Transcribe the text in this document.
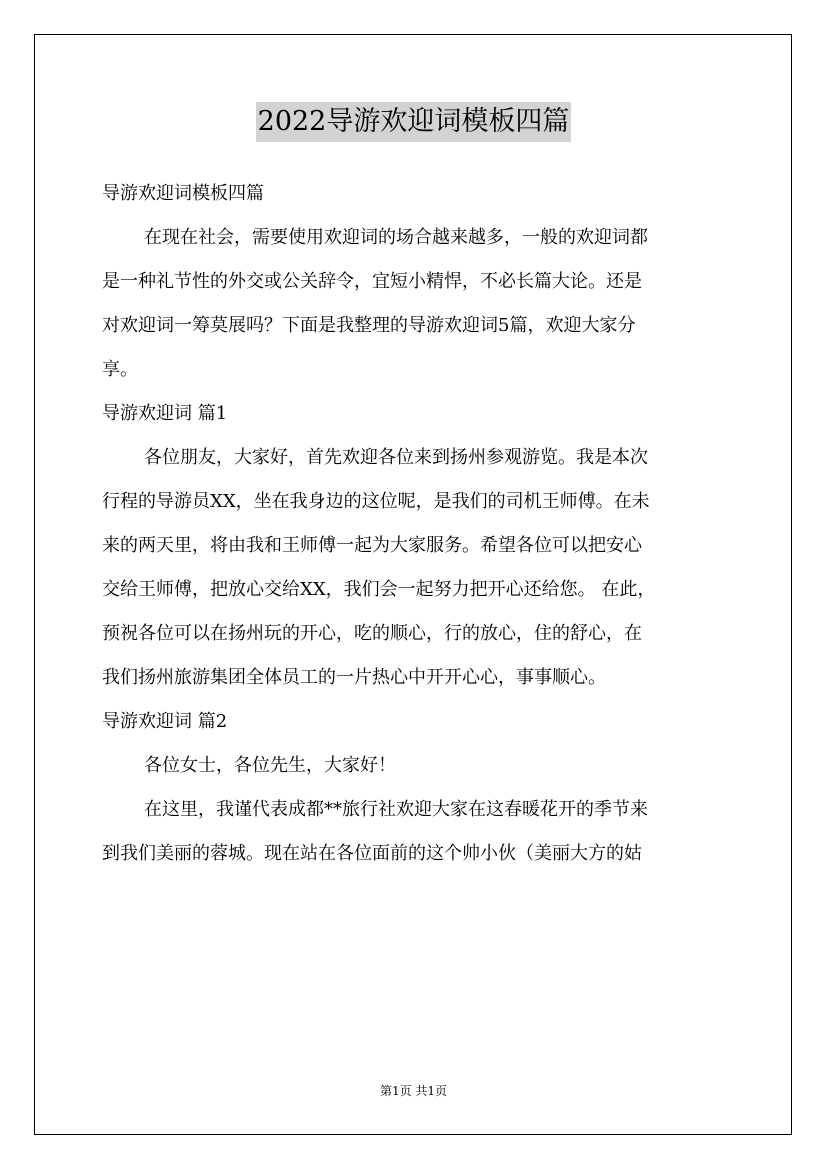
2022导游欢迎词模板四篇

导游欢迎词模板四篇

在现在社会，需要使用欢迎词的场合越来越多，一般的欢迎词都

是一种礼节性的外交或公关辞令，宜短小精悍，不必长篇大论。还是

对欢迎词一筹莫展吗？下面是我整理的导游欢迎词5篇，欢迎大家分

享。

导游欢迎词 篇1

各位朋友，大家好，首先欢迎各位来到扬州参观游览。我是本次

行程的导游员XX，坐在我身边的这位呢，是我们的司机王师傅。在未

来的两天里，将由我和王师傅一起为大家服务。希望各位可以把安心

交给王师傅，把放心交给XX，我们会一起努力把开心还给您。 在此，

预祝各位可以在扬州玩的开心，吃的顺心，行的放心，住的舒心，在

我们扬州旅游集团全体员工的一片热心中开开心心，事事顺心。

导游欢迎词 篇2

各位女士，各位先生，大家好！

在这里，我谨代表成都**旅行社欢迎大家在这春暖花开的季节来

到我们美丽的蓉城。现在站在各位面前的这个帅小伙（美丽大方的姑

第1页 共1页
